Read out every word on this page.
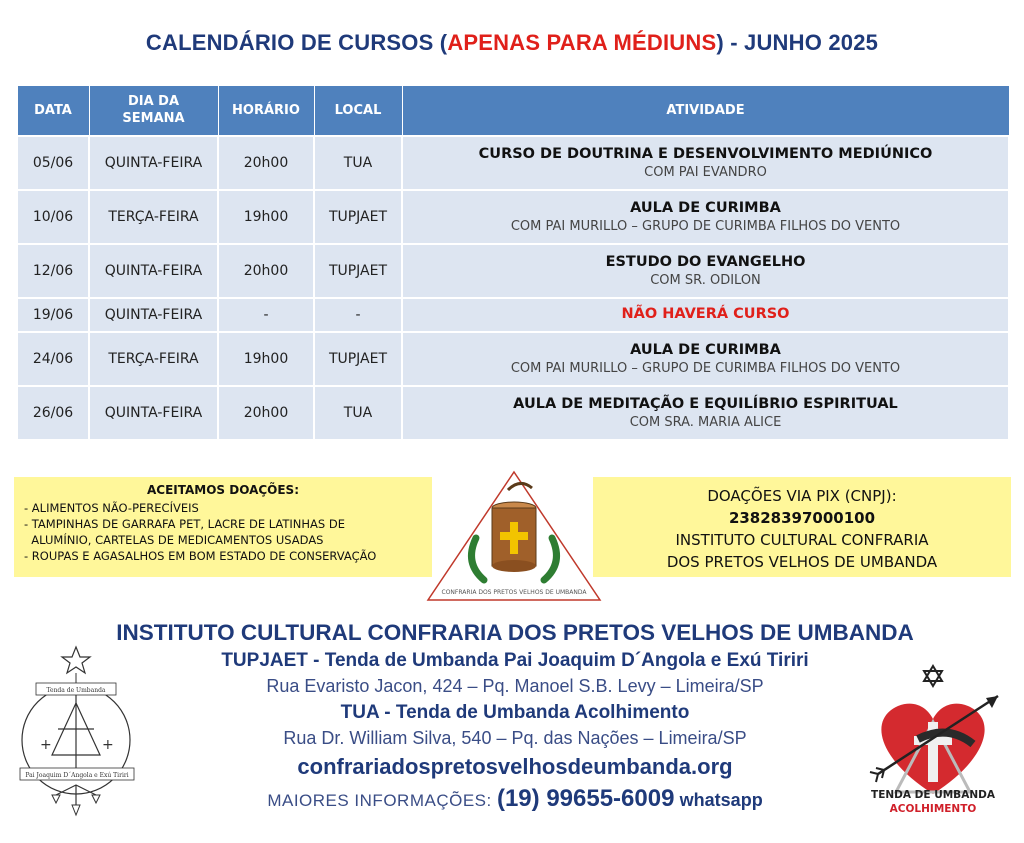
CALENDÁRIO DE CURSOS (APENAS PARA MÉDIUNS) - JUNHO 2025
DATA	DIA DA SEMANA	HORÁRIO	LOCAL	ATIVIDADE
05/06	QUINTA-FEIRA	20h00	TUA	CURSO DE DOUTRINA E DESENVOLVIMENTO MEDIÚNICO
COM PAI EVANDRO

10/06	TERÇA-FEIRA	19h00	TUPJAET	AULA DE CURIMBA
COM PAI MURILLO – GRUPO DE CURIMBA FILHOS DO VENTO

12/06	QUINTA-FEIRA	20h00	TUPJAET	ESTUDO DO EVANGELHO
COM SR. ODILON

19/06	QUINTA-FEIRA	-	-	NÃO HAVERÁ CURSO

24/06	TERÇA-FEIRA	19h00	TUPJAET	AULA DE CURIMBA
COM PAI MURILLO – GRUPO DE CURIMBA FILHOS DO VENTO

26/06	QUINTA-FEIRA	20h00	TUA	AULA DE MEDITAÇÃO E EQUILÍBRIO ESPIRITUAL
COM SRA. MARIA ALICE
ACEITAMOS DOAÇÕES:
- ALIMENTOS NÃO-PERECÍVEIS
- TAMPINHAS DE GARRAFA PET, LACRE DE LATINHAS DE
ALUMÍNIO, CARTELAS DE MEDICAMENTOS USADAS
- ROUPAS E AGASALHOS EM BOM ESTADO DE CONSERVAÇÃO
CONFRARIA DOS PRETOS VELHOS DE UMBANDA
DOAÇÕES VIA PIX (CNPJ):
23828397000100
INSTITUTO CULTURAL CONFRARIA
DOS PRETOS VELHOS DE UMBANDA
INSTITUTO CULTURAL CONFRARIA DOS PRETOS VELHOS DE UMBANDA
TUPJAET - Tenda de Umbanda Pai Joaquim D´Angola e Exú Tiriri
Rua Evaristo Jacon, 424 – Pq. Manoel S.B. Levy – Limeira/SP
TUA - Tenda de Umbanda Acolhimento
Rua Dr. William Silva, 540 – Pq. das Nações – Limeira/SP
confrariadospretosvelhosdeumbanda.org
MAIORES INFORMAÇÕES: (19) 99655-6009 whatsapp
Tenda de Umbanda
+	+
Pai Joaquim D´Angola e Exú Tiriri
TENDA DE UMBANDA
ACOLHIMENTO
